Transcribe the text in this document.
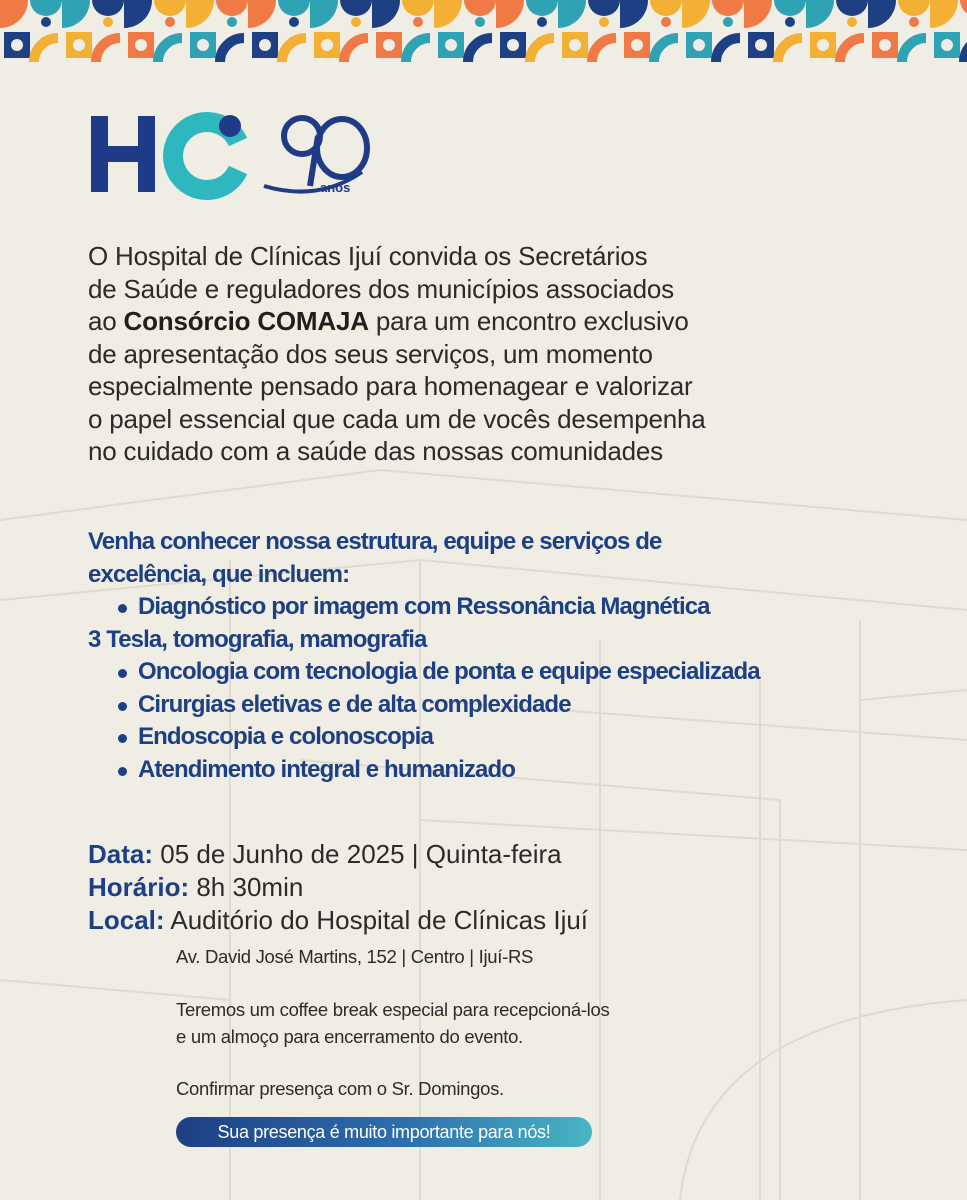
anos
O Hospital de Clínicas Ijuí convida os Secretários
de Saúde e reguladores dos municípios associados
ao Consórcio COMAJA para um encontro exclusivo
de apresentação dos seus serviços, um momento
especialmente pensado para homenagear e valorizar
o papel essencial que cada um de vocês desempenha
no cuidado com a saúde das nossas comunidades
Venha conhecer nossa estrutura, equipe e serviços de
excelência, que incluem:
Diagnóstico por imagem com Ressonância Magnética
3 Tesla, tomografia, mamografia
Oncologia com tecnologia de ponta e equipe especializada
Cirurgias eletivas e de alta complexidade
Endoscopia e colonoscopia
Atendimento integral e humanizado
Data: 05 de Junho de 2025 | Quinta-feira
Horário: 8h 30min
Local: Auditório do Hospital de Clínicas Ijuí
Av. David José Martins, 152 | Centro | Ijuí-RS
Teremos um coffee break especial para recepcioná-los
e um almoço para encerramento do evento.
Confirmar presença com o Sr. Domingos.
Sua presença é muito importante para nós!
